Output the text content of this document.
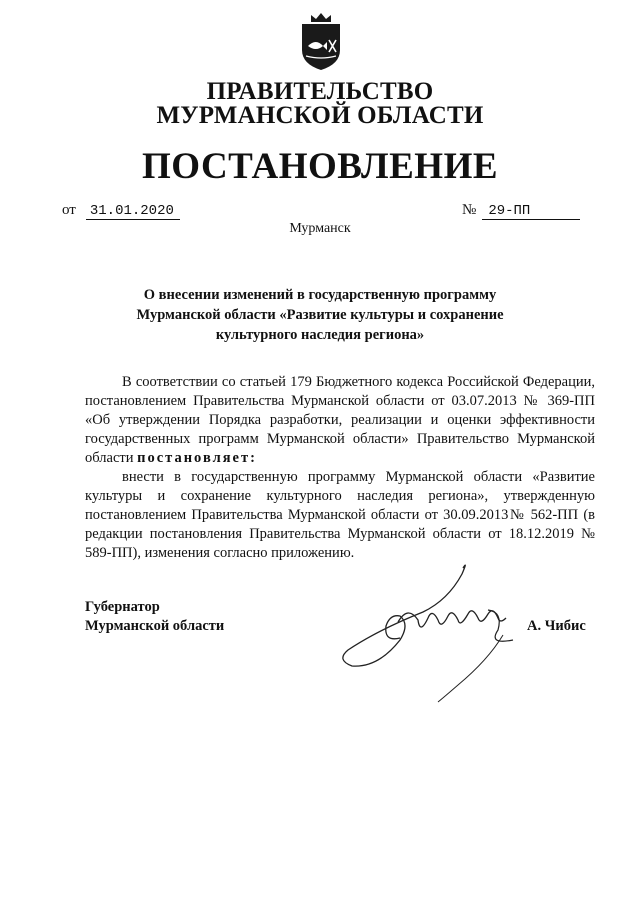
ПРАВИТЕЛЬСТВО
МУРМАНСКОЙ ОБЛАСТИ
ПОСТАНОВЛЕНИЕ
от 31.01.2020	№ 29-ПП
Мурманск
О внесении изменений в государственную программу
Мурманской области «Развитие культуры и сохранение
культурного наследия региона»

В соответствии со статьей 179 Бюджетного кодекса Российской Федерации, постановлением Правительства Мурманской области от 03.07.2013 № 369-ПП «Об утверждении Порядка разработки, реализации и оценки эффективности государственных программ Мурманской области» Правительство Мурманской области постановляет:

внести в государственную программу Мурманской области «Развитие культуры и сохранение культурного наследия региона», утвержденную постановлением Правительства Мурманской области от 30.09.2013№ 562-ПП (в редакции постановления Правительства Мурманской области от 18.12.2019 № 589-ПП), изменения согласно приложению.

Губернатор
Мурманской области	А. Чибис
